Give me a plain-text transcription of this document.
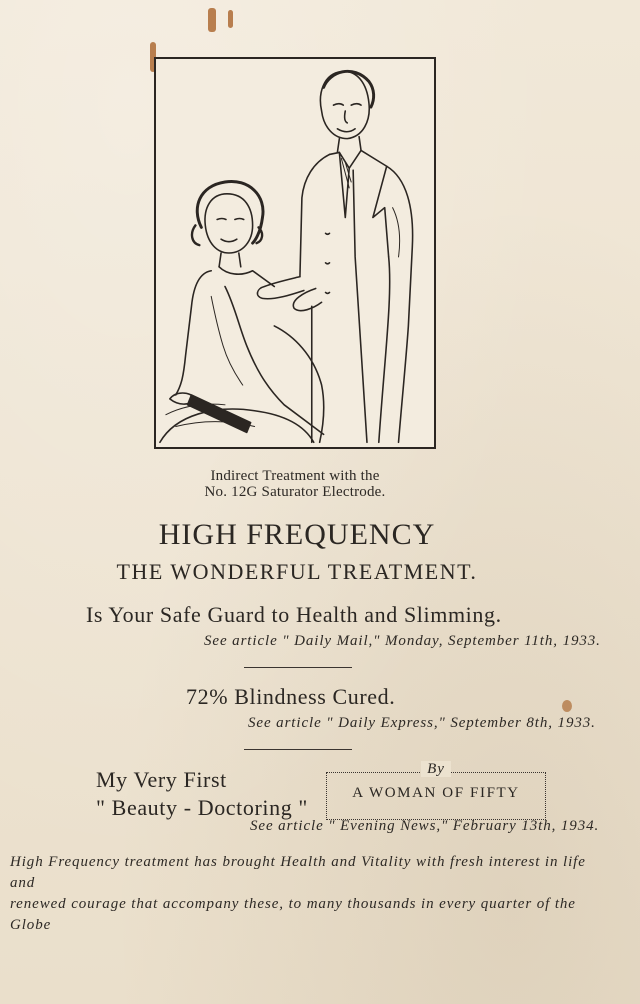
Indirect Treatment with the
No. 12G Saturator Electrode.
HIGH FREQUENCY
THE WONDERFUL TREATMENT.
Is Your Safe Guard to Health and Slimming.
See article " Daily Mail," Monday, September 11th, 1933.
72% Blindness Cured.
See article " Daily Express," September 8th, 1933.
My Very First
" Beauty - Doctoring "
By
A WOMAN OF FIFTY
See article " Evening News," February 13th, 1934.
High Frequency treatment has brought Health and Vitality with fresh interest in life and
renewed courage that accompany these, to many thousands in every quarter of the Globe
